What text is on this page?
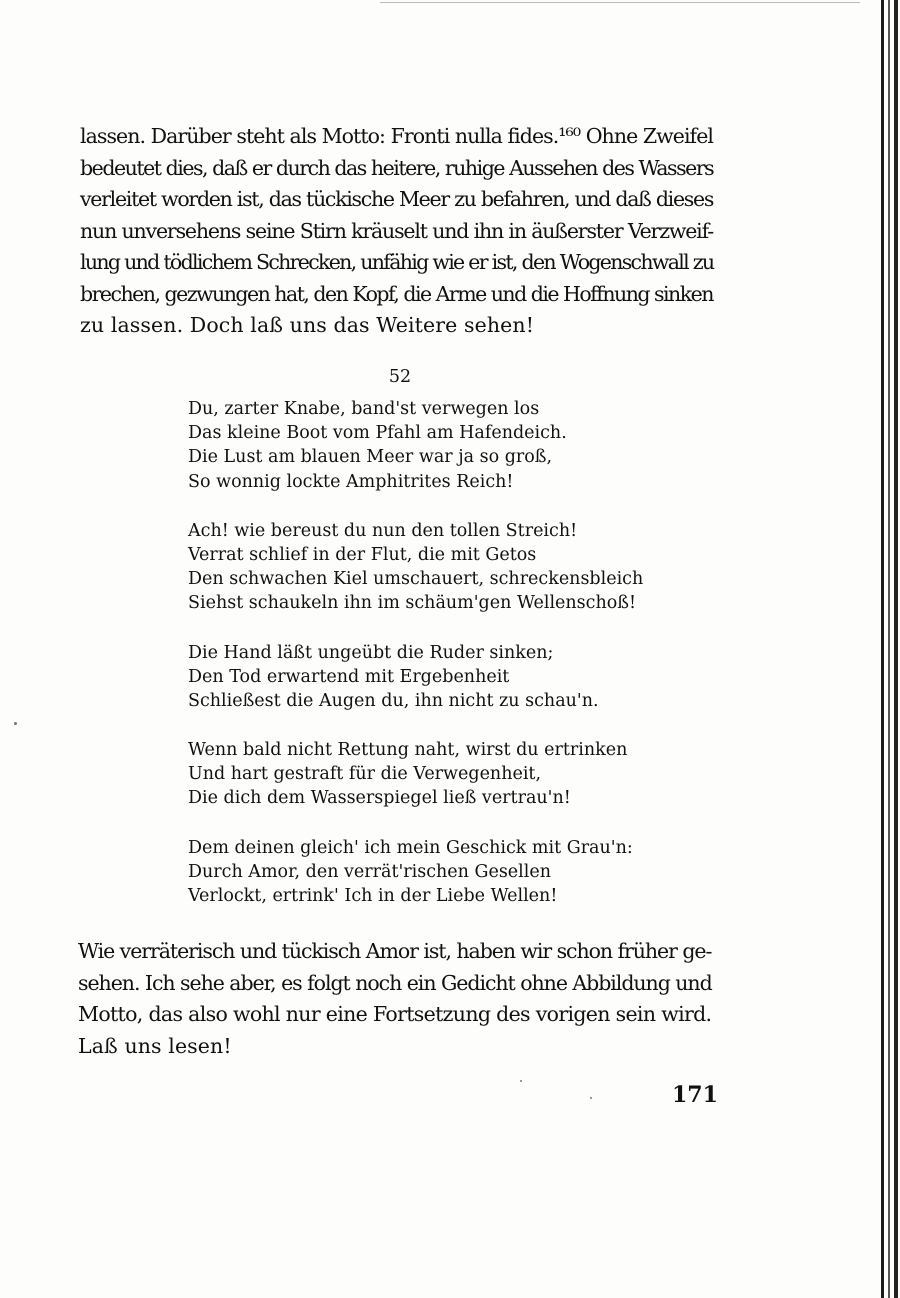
lassen. Darüber steht als Motto: Fronti nulla fides.¹⁶⁰ Ohne Zweifel
bedeutet dies, daß er durch das heitere, ruhige Aussehen des Wassers
verleitet worden ist, das tückische Meer zu befahren, und daß dieses
nun unversehens seine Stirn kräuselt und ihn in äußerster Verzweif-
lung und tödlichem Schrecken, unfähig wie er ist, den Wogenschwall zu
brechen, gezwungen hat, den Kopf, die Arme und die Hoffnung sinken
zu lassen. Doch laß uns das Weitere sehen!
52
Du, zarter Knabe, band'st verwegen los
Das kleine Boot vom Pfahl am Hafendeich.
Die Lust am blauen Meer war ja so groß,
So wonnig lockte Amphitrites Reich!
Ach! wie bereust du nun den tollen Streich!
Verrat schlief in der Flut, die mit Getos
Den schwachen Kiel umschauert, schreckensbleich
Siehst schaukeln ihn im schäum'gen Wellenschoß!
Die Hand läßt ungeübt die Ruder sinken;
Den Tod erwartend mit Ergebenheit
Schließest die Augen du, ihn nicht zu schau'n.
Wenn bald nicht Rettung naht, wirst du ertrinken
Und hart gestraft für die Verwegenheit,
Die dich dem Wasserspiegel ließ vertrau'n!
Dem deinen gleich' ich mein Geschick mit Grau'n:
Durch Amor, den verrät'rischen Gesellen
Verlockt, ertrink' Ich in der Liebe Wellen!
Wie verräterisch und tückisch Amor ist, haben wir schon früher ge-
sehen. Ich sehe aber, es folgt noch ein Gedicht ohne Abbildung und
Motto, das also wohl nur eine Fortsetzung des vorigen sein wird.
Laß uns lesen!
171
